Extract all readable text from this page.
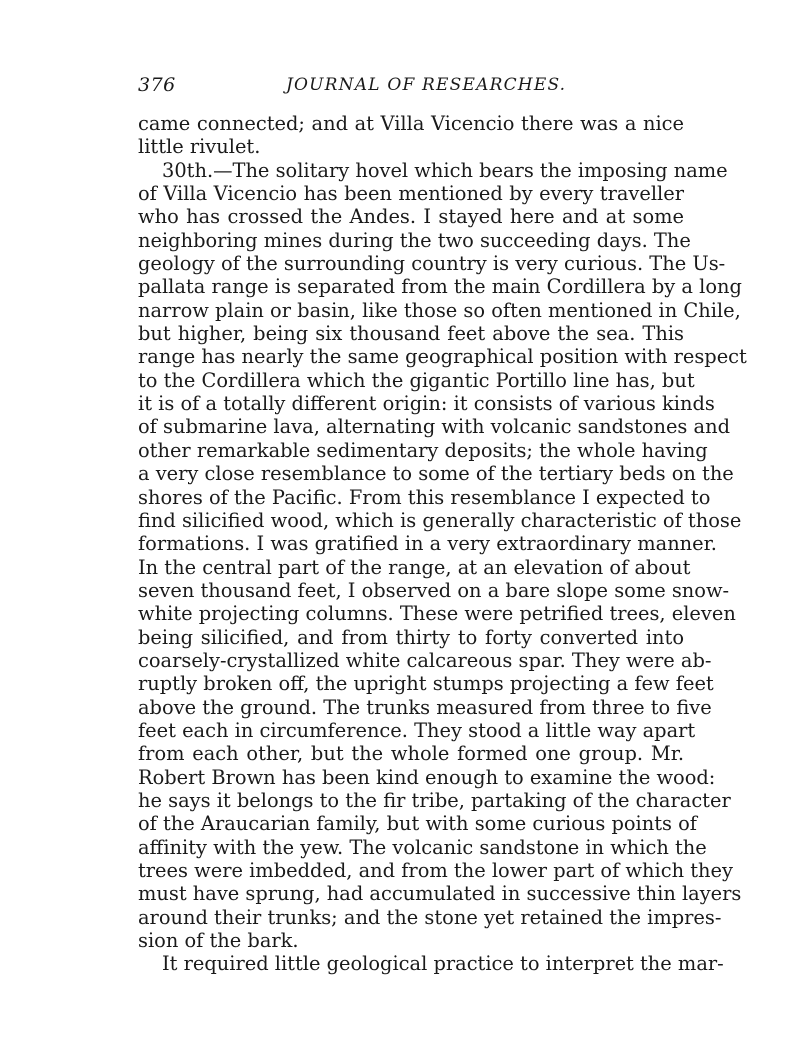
376	JOURNAL OF RESEARCHES.
came connected; and at Villa Vicencio there was a nice
little rivulet.
30th.—The solitary hovel which bears the imposing name
of Villa Vicencio has been mentioned by every traveller
who has crossed the Andes. I stayed here and at some
neighboring mines during the two succeeding days. The
geology of the surrounding country is very curious. The Us-
pallata range is separated from the main Cordillera by a long
narrow plain or basin, like those so often mentioned in Chile,
but higher, being six thousand feet above the sea. This
range has nearly the same geographical position with respect
to the Cordillera which the gigantic Portillo line has, but
it is of a totally different origin: it consists of various kinds
of submarine lava, alternating with volcanic sandstones and
other remarkable sedimentary deposits; the whole having
a very close resemblance to some of the tertiary beds on the
shores of the Pacific. From this resemblance I expected to
find silicified wood, which is generally characteristic of those
formations. I was gratified in a very extraordinary manner.
In the central part of the range, at an elevation of about
seven thousand feet, I observed on a bare slope some snow-
white projecting columns. These were petrified trees, eleven
being silicified, and from thirty to forty converted into
coarsely-crystallized white calcareous spar. They were ab-
ruptly broken off, the upright stumps projecting a few feet
above the ground. The trunks measured from three to five
feet each in circumference. They stood a little way apart
from each other, but the whole formed one group. Mr.
Robert Brown has been kind enough to examine the wood:
he says it belongs to the fir tribe, partaking of the character
of the Araucarian family, but with some curious points of
affinity with the yew. The volcanic sandstone in which the
trees were imbedded, and from the lower part of which they
must have sprung, had accumulated in successive thin layers
around their trunks; and the stone yet retained the impres-
sion of the bark.
It required little geological practice to interpret the mar-
